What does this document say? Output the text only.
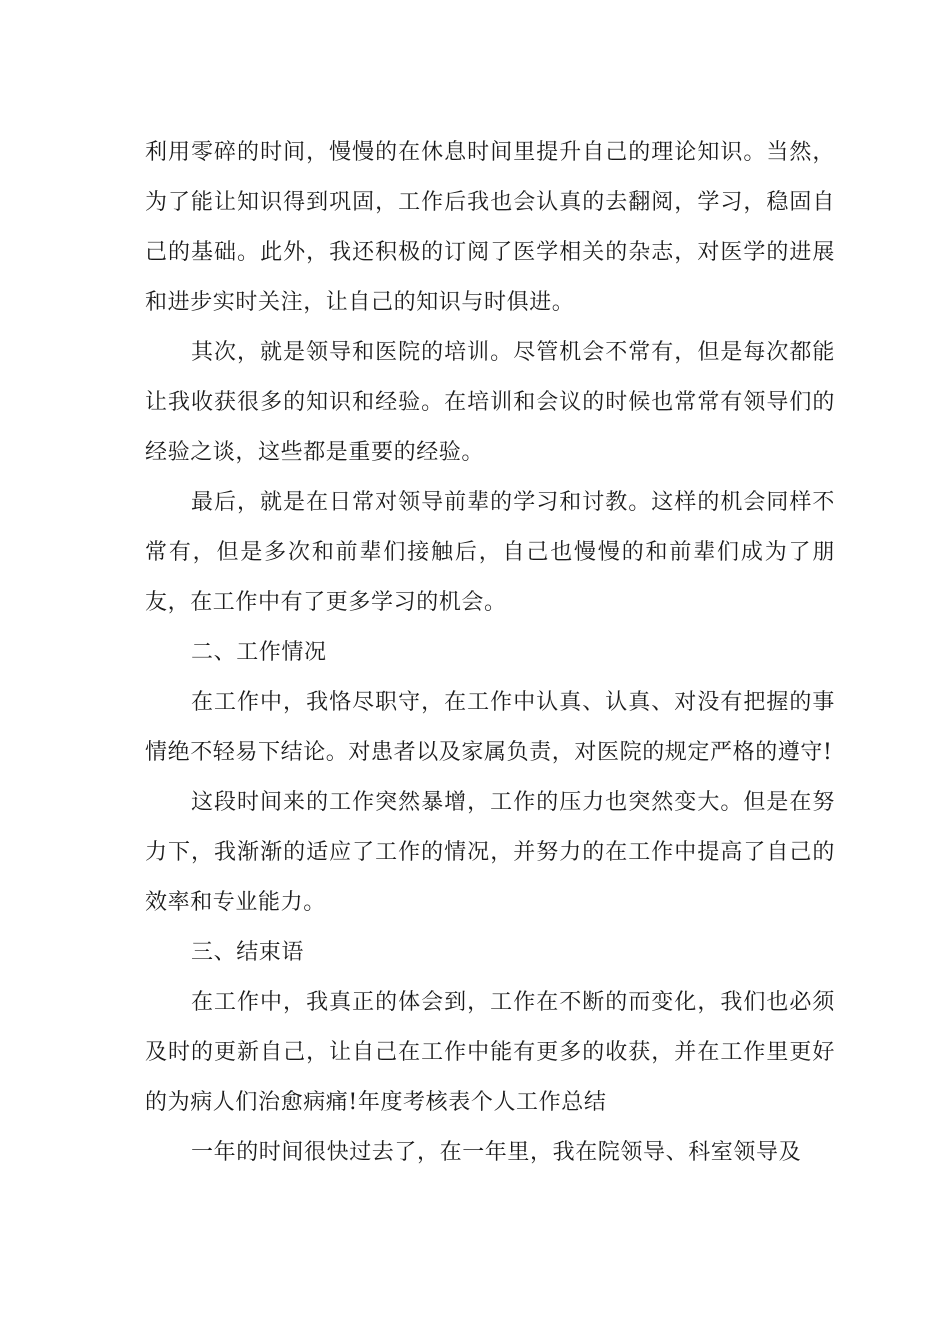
利用零碎的时间，慢慢的在休息时间里提升自己的理论知识。当然，为了能让知识得到巩固，工作后我也会认真的去翻阅，学习，稳固自己的基础。此外，我还积极的订阅了医学相关的杂志，对医学的进展和进步实时关注，让自己的知识与时俱进。

其次，就是领导和医院的培训。尽管机会不常有，但是每次都能让我收获很多的知识和经验。在培训和会议的时候也常常有领导们的经验之谈，这些都是重要的经验。

最后，就是在日常对领导前辈的学习和讨教。这样的机会同样不常有，但是多次和前辈们接触后，自己也慢慢的和前辈们成为了朋友，在工作中有了更多学习的机会。

二、工作情况

在工作中，我恪尽职守，在工作中认真、认真、对没有把握的事情绝不轻易下结论。对患者以及家属负责，对医院的规定严格的遵守!

这段时间来的工作突然暴增，工作的压力也突然变大。但是在努力下，我渐渐的适应了工作的情况，并努力的在工作中提高了自己的效率和专业能力。

三、结束语

在工作中，我真正的体会到，工作在不断的而变化，我们也必须及时的更新自己，让自己在工作中能有更多的收获，并在工作里更好的为病人们治愈病痛!年度考核表个人工作总结

一年的时间很快过去了，在一年里，我在院领导、科室领导及
